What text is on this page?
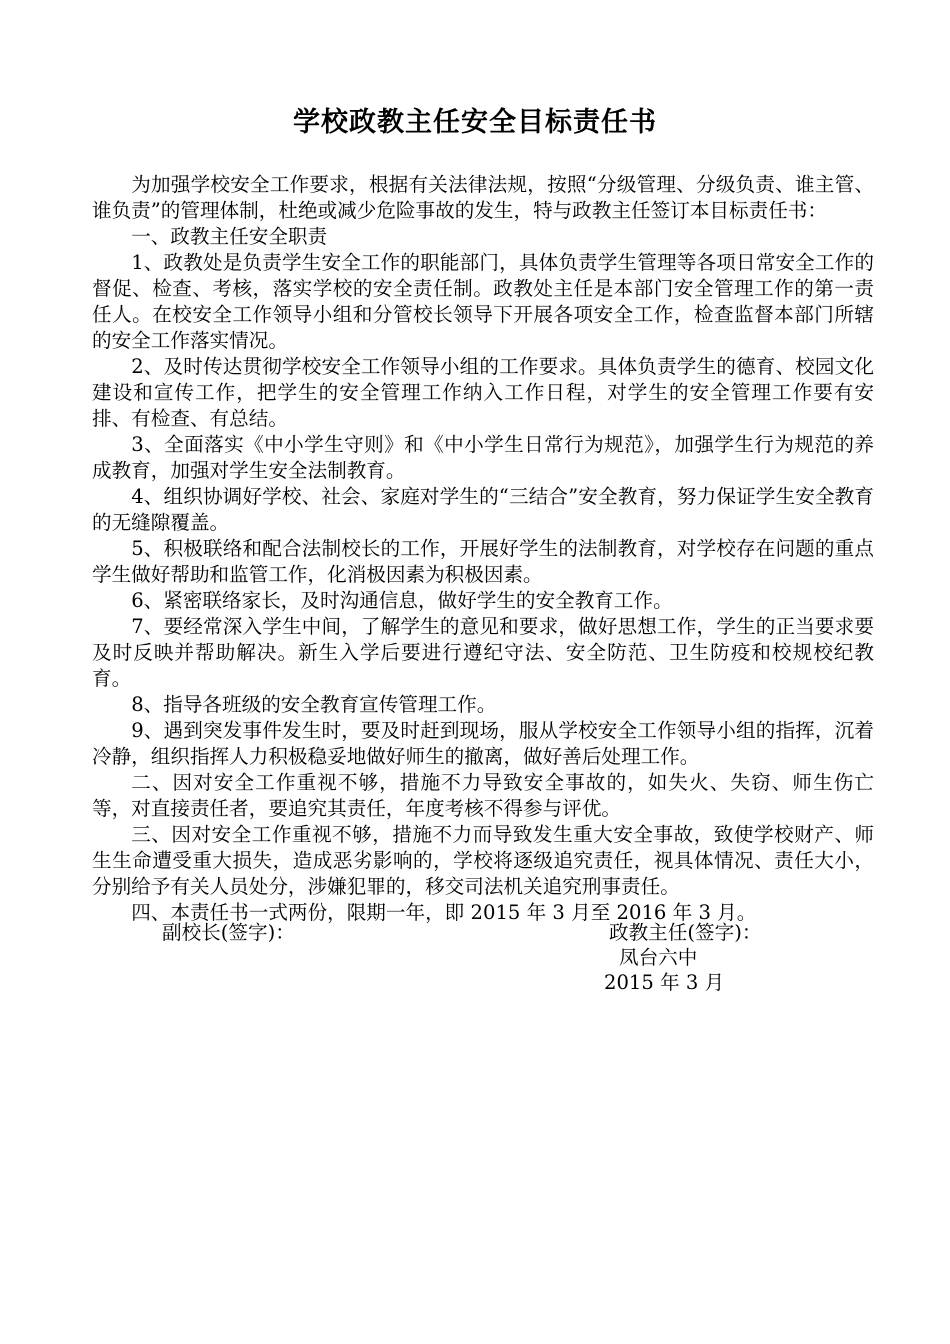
学校政教主任安全目标责任书

为加强学校安全工作要求，根据有关法律法规，按照“分级管理、分级负责、谁主管、谁负责”的管理体制，杜绝或减少危险事故的发生，特与政教主任签订本目标责任书：

一、政教主任安全职责

1、政教处是负责学生安全工作的职能部门，具体负责学生管理等各项日常安全工作的督促、检查、考核，落实学校的安全责任制。政教处主任是本部门安全管理工作的第一责任人。在校安全工作领导小组和分管校长领导下开展各项安全工作，检查监督本部门所辖的安全工作落实情况。

2、及时传达贯彻学校安全工作领导小组的工作要求。具体负责学生的德育、校园文化建设和宣传工作，把学生的安全管理工作纳入工作日程，对学生的安全管理工作要有安排、有检查、有总结。

3、全面落实《中小学生守则》和《中小学生日常行为规范》，加强学生行为规范的养成教育，加强对学生安全法制教育。

4、组织协调好学校、社会、家庭对学生的“三结合”安全教育，努力保证学生安全教育的无缝隙覆盖。

5、积极联络和配合法制校长的工作，开展好学生的法制教育，对学校存在问题的重点学生做好帮助和监管工作，化消极因素为积极因素。

6、紧密联络家长，及时沟通信息，做好学生的安全教育工作。

7、要经常深入学生中间，了解学生的意见和要求，做好思想工作，学生的正当要求要及时反映并帮助解决。新生入学后要进行遵纪守法、安全防范、卫生防疫和校规校纪教育。

8、指导各班级的安全教育宣传管理工作。

9、遇到突发事件发生时，要及时赶到现场，服从学校安全工作领导小组的指挥，沉着冷静，组织指挥人力积极稳妥地做好师生的撤离，做好善后处理工作。

二、因对安全工作重视不够，措施不力导致安全事故的，如失火、失窃、师生伤亡等，对直接责任者，要追究其责任，年度考核不得参与评优。

三、因对安全工作重视不够，措施不力而导致发生重大安全事故，致使学校财产、师生生命遭受重大损失，造成恶劣影响的，学校将逐级追究责任，视具体情况、责任大小，分别给予有关人员处分，涉嫌犯罪的，移交司法机关追究刑事责任。

四、本责任书一式两份，限期一年，即 2015 年 3 月至 2016 年 3 月。

副校长(签字)：	政教主任(签字)：
凤台六中
2015 年 3 月
